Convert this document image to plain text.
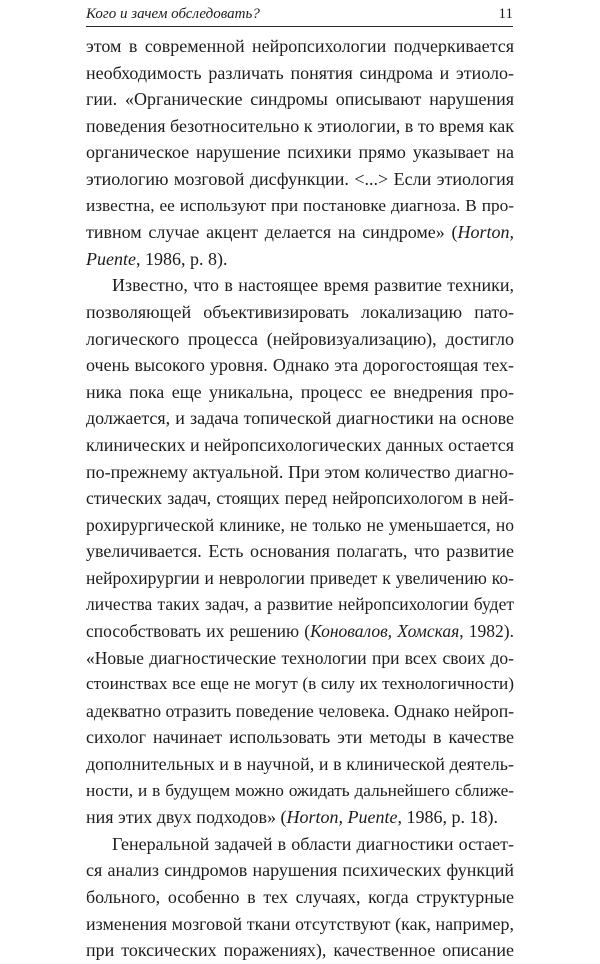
Кого и зачем обследовать?	11
этом в современной нейропсихологии подчеркивается
необходимость различать понятия синдрома и этиоло-
гии. «Органические синдромы описывают нарушения
поведения безотносительно к этиологии, в то время как
органическое нарушение психики прямо указывает на
этиологию мозговой дисфункции. <...> Если этиология
известна, ее используют при постановке диагноза. В про-
тивном случае акцент делается на синдроме» (Horton,
Puente, 1986, p. 8).
Известно, что в настоящее время развитие техники,
позволяющей объективизировать локализацию пато-
логического процесса (нейровизуализацию), достигло
очень высокого уровня. Однако эта дорогостоящая тех-
ника пока еще уникальна, процесс ее внедрения про-
должается, и задача топической диагностики на основе
клинических и нейропсихологических данных остается
по-прежнему актуальной. При этом количество диагно-
стических задач, стоящих перед нейропсихологом в ней-
рохирургической клинике, не только не уменьшается, но
увеличивается. Есть основания полагать, что развитие
нейрохирургии и неврологии приведет к увеличению ко-
личества таких задач, а развитие нейропсихологии будет
способствовать их решению (Коновалов, Хомская, 1982).
«Новые диагностические технологии при всех своих до-
стоинствах все еще не могут (в силу их технологичности)
адекватно отразить поведение человека. Однако нейроп-
сихолог начинает использовать эти методы в качестве
дополнительных и в научной, и в клинической деятель-
ности, и в будущем можно ожидать дальнейшего сближе-
ния этих двух подходов» (Horton, Puente, 1986, p. 18).
Генеральной задачей в области диагностики остает-
ся анализ синдромов нарушения психических функций
больного, особенно в тех случаях, когда структурные
изменения мозговой ткани отсутствуют (как, например,
при токсических поражениях), качественное описание
